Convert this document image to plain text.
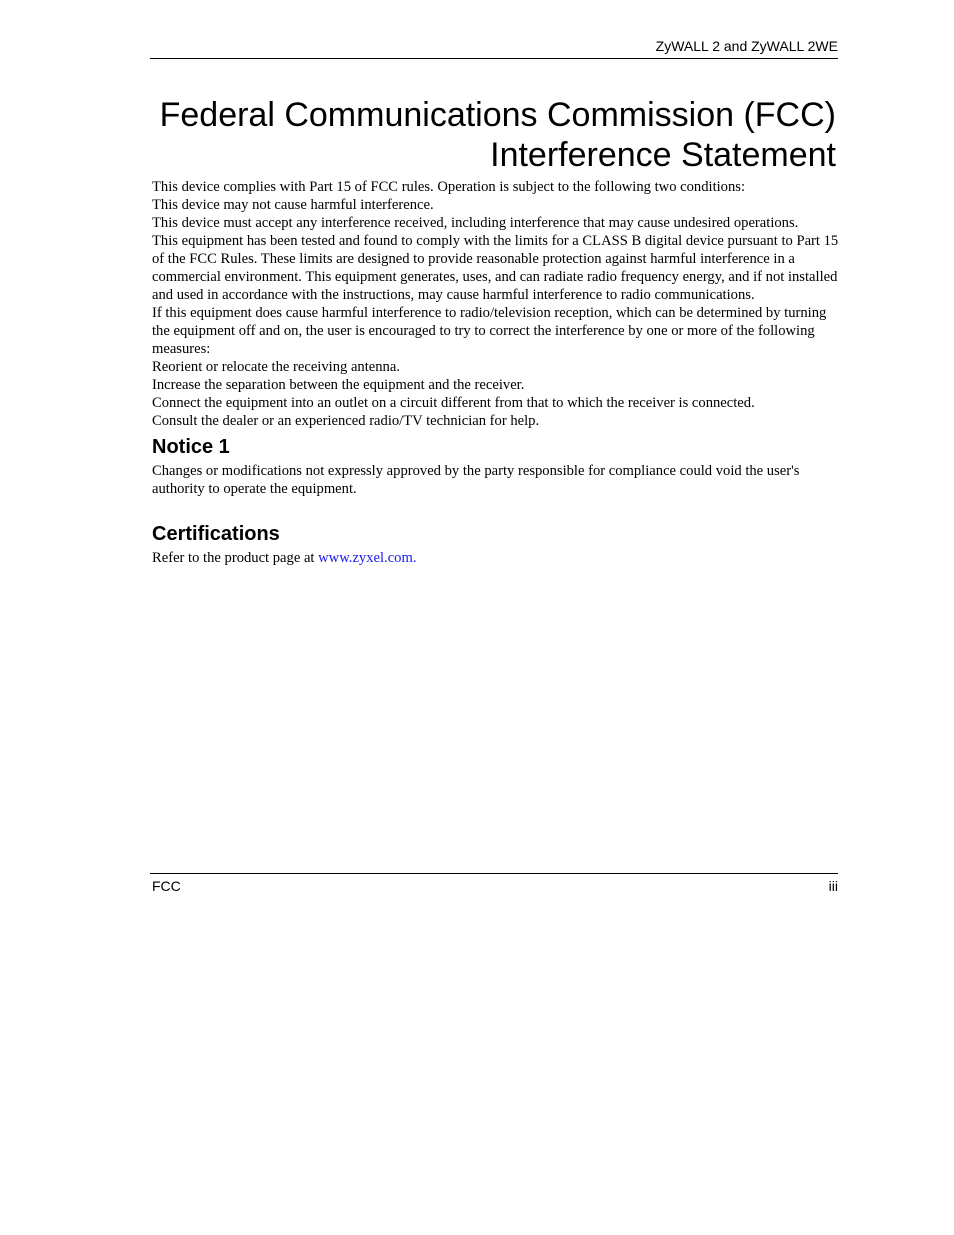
ZyWALL 2 and ZyWALL 2WE
Federal Communications Commission (FCC)
Interference Statement

This device complies with Part 15 of FCC rules. Operation is subject to the following two conditions:

This device may not cause harmful interference.

This device must accept any interference received, including interference that may cause undesired operations.

This equipment has been tested and found to comply with the limits for a CLASS B digital device pursuant to Part 15 of the FCC Rules. These limits are designed to provide reasonable protection against harmful interference in a commercial environment. This equipment generates, uses, and can radiate radio frequency energy, and if not installed and used in accordance with the instructions, may cause harmful interference to radio communications.

If this equipment does cause harmful interference to radio/television reception, which can be determined by turning the equipment off and on, the user is encouraged to try to correct the interference by one or more of the following measures:

Reorient or relocate the receiving antenna.

Increase the separation between the equipment and the receiver.

Connect the equipment into an outlet on a circuit different from that to which the receiver is connected.

Consult the dealer or an experienced radio/TV technician for help.

Notice 1

Changes or modifications not expressly approved by the party responsible for compliance could void the user's authority to operate the equipment.

Certifications

Refer to the product page at www.zyxel.com.

FCC	iii
